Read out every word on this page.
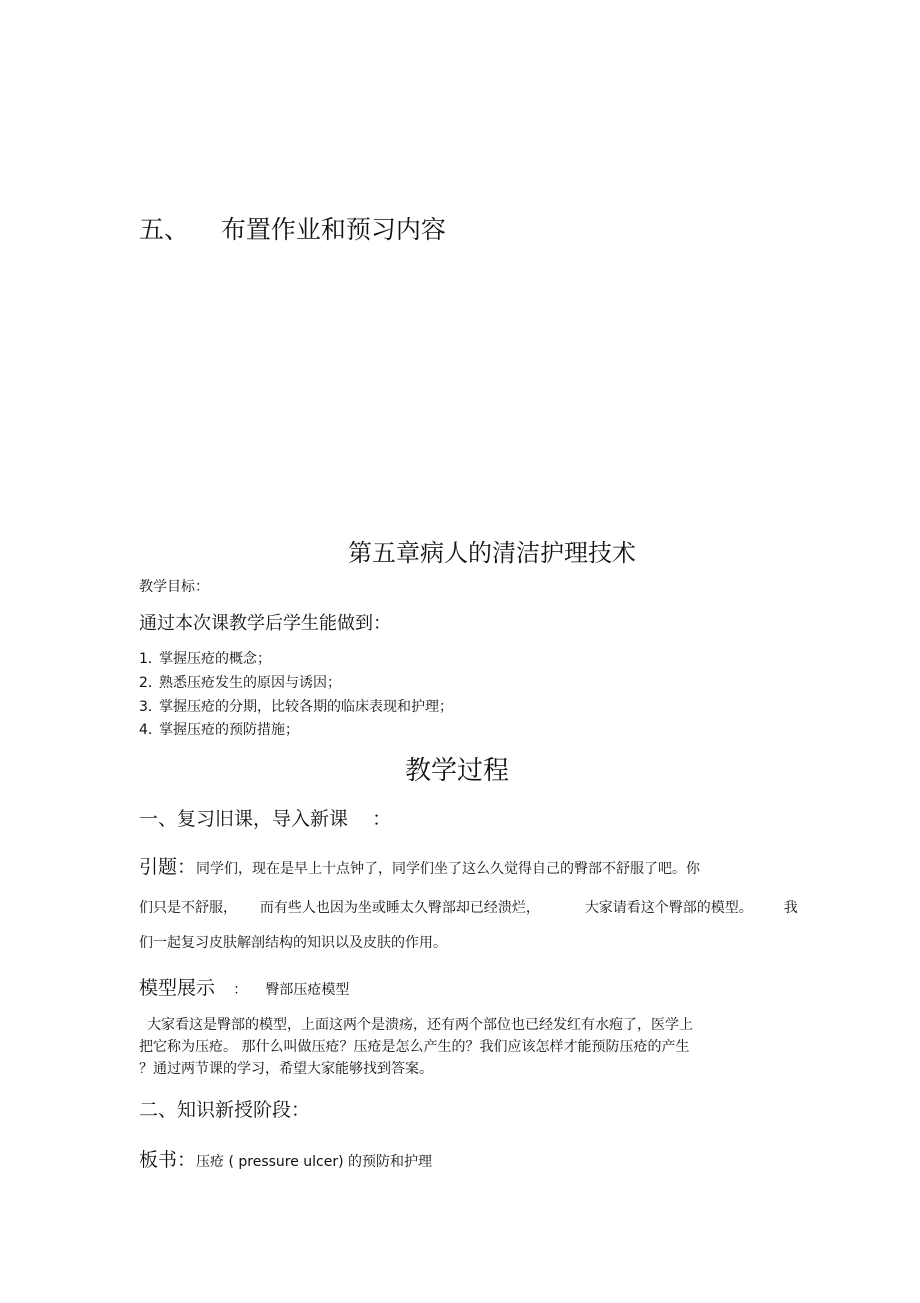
五、 布置作业和预习内容
第五章病人的清洁护理技术
教学目标：
通过本次课教学后学生能做到：
1．掌握压疮的概念；
2．熟悉压疮发生的原因与诱因；
3．掌握压疮的分期，比较各期的临床表现和护理；
4．掌握压疮的预防措施；
教学过程
一、复习旧课，导入新课 ：
引题：同学们，现在是早上十点钟了，同学们坐了这么久觉得自己的臀部不舒服了吧。你
们只是不舒服， 而有些人也因为坐或睡太久臀部却已经溃烂，	大家请看这个臀部的模型。 我
们一起复习皮肤解剖结构的知识以及皮肤的作用。
模型展示 ： 臀部压疮模型
大家看这是臀部的模型，上面这两个是溃疡，还有两个部位也已经发红有水疱了，医学上
把它称为压疮。 那什么叫做压疮？压疮是怎么产生的？我们应该怎样才能预防压疮的产生
？通过两节课的学习，希望大家能够找到答案。
二、知识新授阶段：
板书：压疮 ( pressure ulcer) 的预防和护理
